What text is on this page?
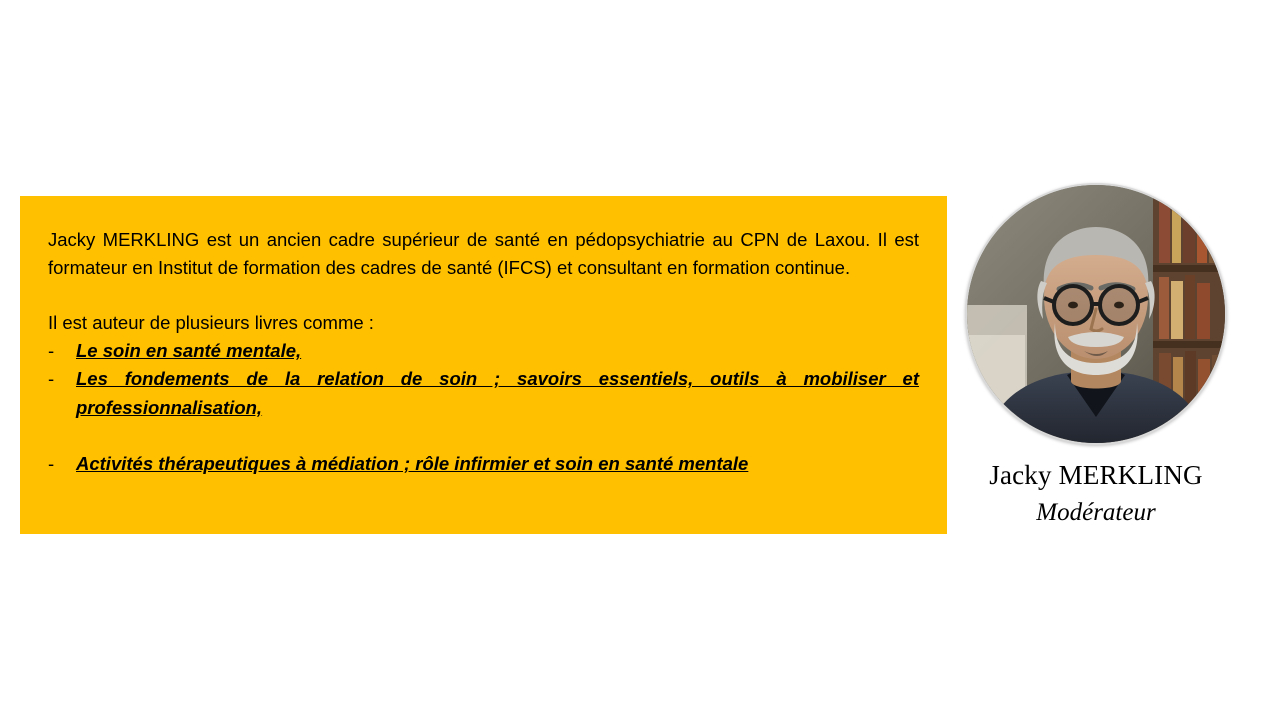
Jacky MERKLING est un ancien cadre supérieur de santé en pédopsychiatrie au CPN de Laxou. Il est formateur en Institut de formation des cadres de santé (IFCS) et consultant en formation continue.

Il est auteur de plusieurs livres comme :

-	Le soin en santé mentale,
-	Les fondements de la relation de soin ; savoirs essentiels, outils à mobiliser et professionnalisation,
-	Activités thérapeutiques à médiation ; rôle infirmier et soin en santé mentale	Jacky MERKLING
Modérateur
